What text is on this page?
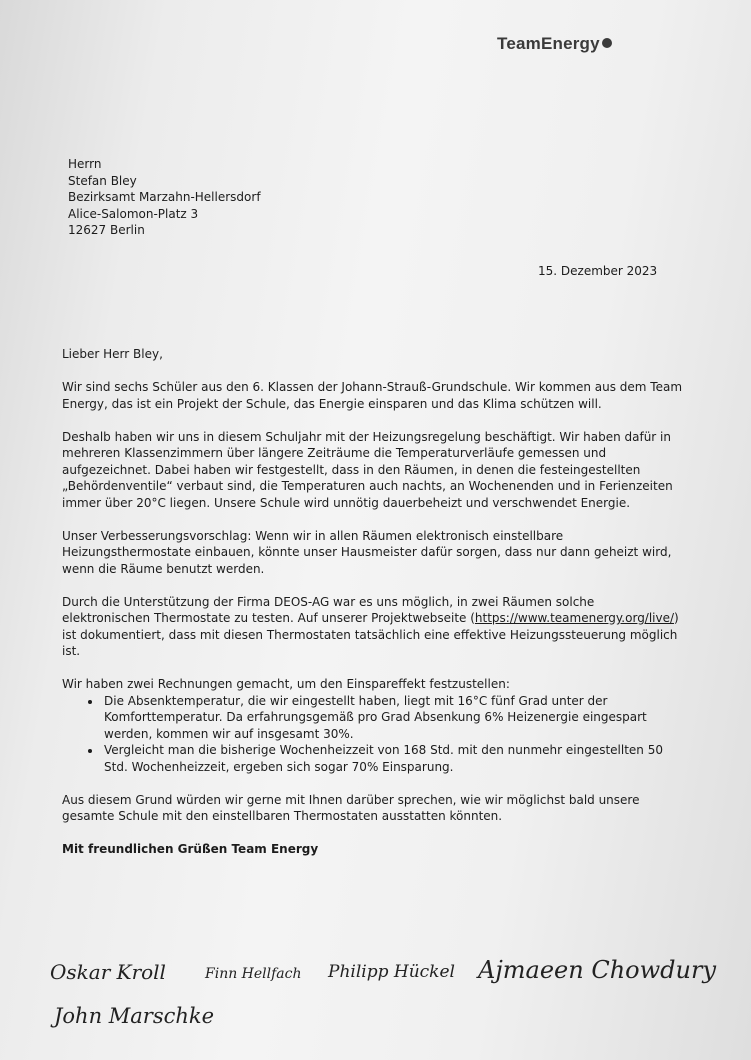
TeamEnergy
Herrn
Stefan Bley
Bezirksamt Marzahn-Hellersdorf
Alice-Salomon-Platz 3
12627 Berlin
15. Dezember 2023

Lieber Herr Bley,

Wir sind sechs Schüler aus den 6. Klassen der Johann-Strauß-Grundschule. Wir kommen aus dem Team Energy, das ist ein Projekt der Schule, das Energie einsparen und das Klima schützen will.

Deshalb haben wir uns in diesem Schuljahr mit der Heizungsregelung beschäftigt. Wir haben dafür in mehreren Klassenzimmern über längere Zeiträume die Temperaturverläufe gemessen und aufgezeichnet. Dabei haben wir festgestellt, dass in den Räumen, in denen die festeingestellten „Behördenventile“ verbaut sind, die Temperaturen auch nachts, an Wochenenden und in Ferienzeiten immer über 20°C liegen. Unsere Schule wird unnötig dauerbeheizt und verschwendet Energie.

Unser Verbesserungsvorschlag: Wenn wir in allen Räumen elektronisch einstellbare Heizungsthermostate einbauen, könnte unser Hausmeister dafür sorgen, dass nur dann geheizt wird, wenn die Räume benutzt werden.

Durch die Unterstützung der Firma DEOS-AG war es uns möglich, in zwei Räumen solche elektronischen Thermostate zu testen. Auf unserer Projektwebseite (https://www.teamenergy.org/live/) ist dokumentiert, dass mit diesen Thermostaten tatsächlich eine effektive Heizungssteuerung möglich ist.

Wir haben zwei Rechnungen gemacht, um den Einspareffekt festzustellen:
• Die Absenktemperatur, die wir eingestellt haben, liegt mit 16°C fünf Grad unter der Komforttemperatur. Da erfahrungsgemäß pro Grad Absenkung 6% Heizenergie eingespart werden, kommen wir auf insgesamt 30%.
• Vergleicht man die bisherige Wochenheizzeit von 168 Std. mit den nunmehr eingestellten 50 Std. Wochenheizzeit, ergeben sich sogar 70% Einsparung.

Aus diesem Grund würden wir gerne mit Ihnen darüber sprechen, wie wir möglichst bald unsere gesamte Schule mit den einstellbaren Thermostaten ausstatten könnten.

Mit freundlichen Grüßen Team Energy

Oskar Kroll	Finn Hellfach Philipp Hückel Ajmaeen Chowdury
John Marschke
